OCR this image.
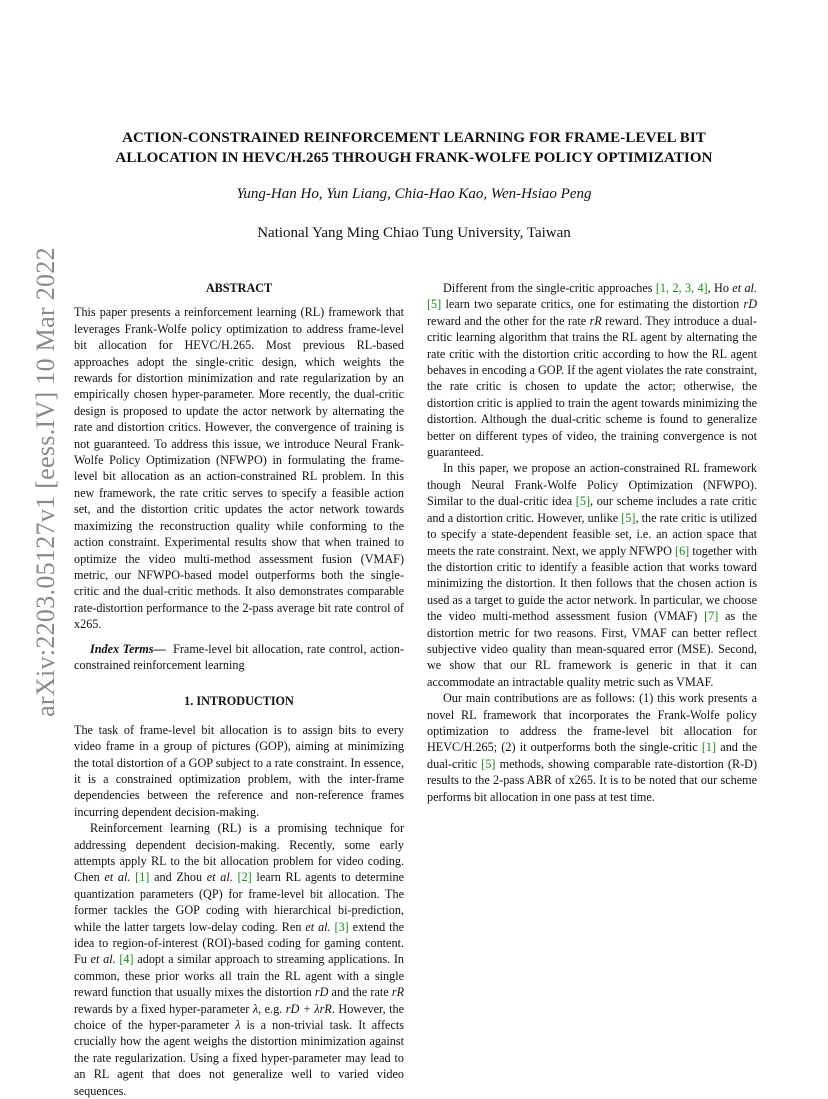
arXiv:2203.05127v1 [eess.IV] 10 Mar 2022
ACTION-CONSTRAINED REINFORCEMENT LEARNING FOR FRAME-LEVEL BIT
ALLOCATION IN HEVC/H.265 THROUGH FRANK-WOLFE POLICY OPTIMIZATION
Yung-Han Ho, Yun Liang, Chia-Hao Kao, Wen-Hsiao Peng
National Yang Ming Chiao Tung University, Taiwan
ABSTRACT

This paper presents a reinforcement learning (RL) framework that leverages Frank-Wolfe policy optimization to address frame-level bit allocation for HEVC/H.265. Most previous RL-based approaches adopt the single-critic design, which weights the rewards for distortion minimization and rate regularization by an empirically chosen hyper-parameter. More recently, the dual-critic design is proposed to update the actor network by alternating the rate and distortion critics. However, the convergence of training is not guaranteed. To address this issue, we introduce Neural Frank-Wolfe Policy Optimization (NFWPO) in formulating the frame-level bit allocation as an action-constrained RL problem. In this new framework, the rate critic serves to specify a feasible action set, and the distortion critic updates the actor network towards maximizing the reconstruction quality while conforming to the action constraint. Experimental results show that when trained to optimize the video multi-method assessment fusion (VMAF) metric, our NFWPO-based model outperforms both the single-critic and the dual-critic methods. It also demonstrates comparable rate-distortion performance to the 2-pass average bit rate control of x265.

Index Terms— Frame-level bit allocation, rate control, action-constrained reinforcement learning

1. INTRODUCTION

The task of frame-level bit allocation is to assign bits to every video frame in a group of pictures (GOP), aiming at minimizing the total distortion of a GOP subject to a rate constraint. In essence, it is a constrained optimization problem, with the inter-frame dependencies between the reference and non-reference frames incurring dependent decision-making.

Reinforcement learning (RL) is a promising technique for addressing dependent decision-making. Recently, some early attempts apply RL to the bit allocation problem for video coding. Chen et al. [1] and Zhou et al. [2] learn RL agents to determine quantization parameters (QP) for frame-level bit allocation. The former tackles the GOP coding with hierarchical bi-prediction, while the latter targets low-delay coding. Ren et al. [3] extend the idea to region-of-interest (ROI)-based coding for gaming content. Fu et al. [4] adopt a similar approach to streaming applications. In common, these prior works all train the RL agent with a single reward function that usually mixes the distortion rD and the rate rR rewards by a fixed hyper-parameter λ, e.g. rD + λrR. However, the choice of the hyper-parameter λ is a non-trivial task. It affects crucially how the agent weighs the distortion minimization against the rate regularization. Using a fixed hyper-parameter may lead to an RL agent that does not generalize well to varied video sequences.

Different from the single-critic approaches [1, 2, 3, 4], Ho et al.[5] learn two separate critics, one for estimating the distortion rD reward and the other for the rate rR reward. They introduce a dual-critic learning algorithm that trains the RL agent by alternating the rate critic with the distortion critic according to how the RL agent behaves in encoding a GOP. If the agent violates the rate constraint, the rate critic is chosen to update the actor; otherwise, the distortion critic is applied to train the agent towards minimizing the distortion. Although the dual-critic scheme is found to generalize better on different types of video, the training convergence is not guaranteed.

In this paper, we propose an action-constrained RL framework though Neural Frank-Wolfe Policy Optimization (NFWPO). Similar to the dual-critic idea [5], our scheme includes a rate critic and a distortion critic. However, unlike [5], the rate critic is utilized to specify a state-dependent feasible set, i.e. an action space that meets the rate constraint. Next, we apply NFWPO [6] together with the distortion critic to identify a feasible action that works toward minimizing the distortion. It then follows that the chosen action is used as a target to guide the actor network. In particular, we choose the video multi-method assessment fusion (VMAF) [7] as the distortion metric for two reasons. First, VMAF can better reflect subjective video quality than mean-squared error (MSE). Second, we show that our RL framework is generic in that it can accommodate an intractable quality metric such as VMAF.

Our main contributions are as follows: (1) this work presents a novel RL framework that incorporates the Frank-Wolfe policy optimization to address the frame-level bit allocation for HEVC/H.265; (2) it outperforms both the single-critic [1] and the dual-critic [5] methods, showing comparable rate-distortion (R-D) results to the 2-pass ABR of x265. It is to be noted that our scheme performs bit allocation in one pass at test time.
